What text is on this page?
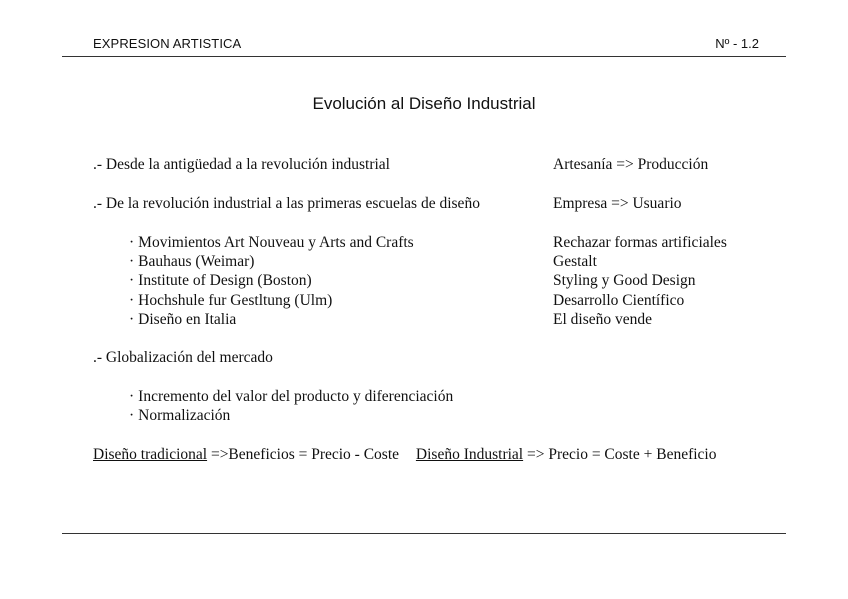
EXPRESION ARTISTICA	Nº - 1.2
Evolución al Diseño Industrial
.- Desde la antigüedad a la revolución industrial	Artesanía => Producción
.- De la revolución industrial a las primeras escuelas de diseño	Empresa => Usuario
· Movimientos Art Nouveau y Arts and Crafts	Rechazar formas artificiales
· Bauhaus (Weimar)	Gestalt
· Institute of Design (Boston)	Styling y Good Design
· Hochshule fur Gestltung (Ulm)	Desarrollo Científico
· Diseño en Italia	El diseño vende
.- Globalización del mercado
· Incremento del valor del producto y diferenciación
· Normalización
Diseño tradicional =>Beneficios = Precio - Coste Diseño Industrial => Precio = Coste + Beneficio
